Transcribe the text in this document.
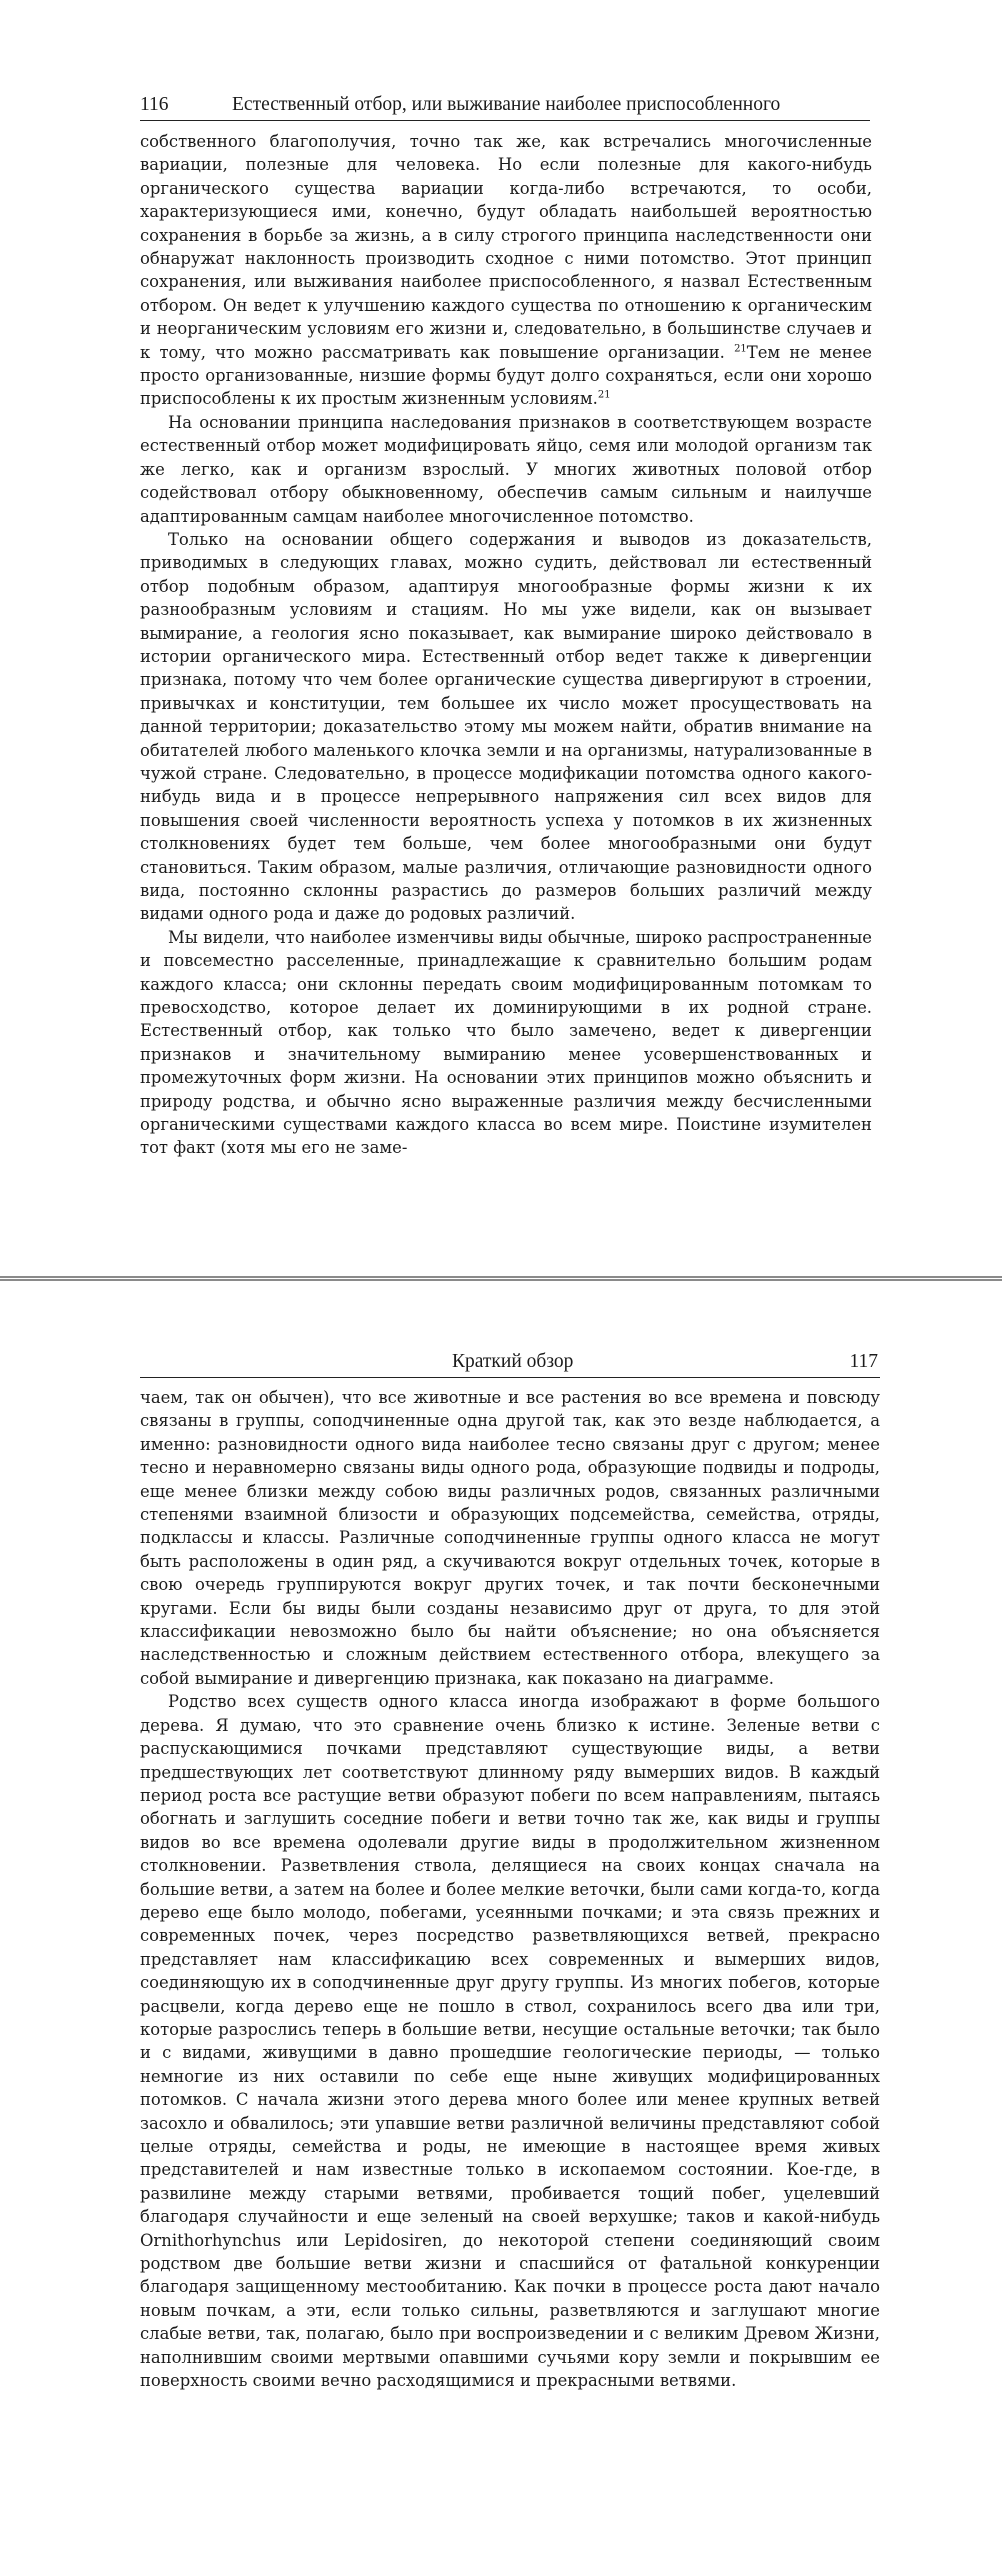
116	Естественный отбор, или выживание наиболее приспособленного

собственного благополучия, точно так же, как встречались многочисленные вариации, полезные для человека. Но если полезные для какого-нибудь органического существа вариации когда-либо встречаются, то особи, характеризующиеся ими, конечно, будут обладать наибольшей вероятностью сохранения в борьбе за жизнь, а в силу строгого принципа наследственности они обнаружат наклонность производить сходное с ними потомство. Этот принцип сохранения, или выживания наиболее приспособленного, я назвал Естественным отбором. Он ведет к улучшению каждого существа по отношению к органическим и неорганическим условиям его жизни и, следовательно, в большинстве случаев и к тому, что можно рассматривать как повышение организации. $^{21}$Тем не менее просто организованные, низшие формы будут долго сохраняться, если они хорошо приспособлены к их простым жизненным условиям.$^{21}$

На основании принципа наследования признаков в соответствующем возрасте естественный отбор может модифицировать яйцо, семя или молодой организм так же легко, как и организм взрослый. У многих животных половой отбор содействовал отбору обыкновенному, обеспечив самым сильным и наилучше адаптированным самцам наиболее многочисленное потомство.

Только на основании общего содержания и выводов из доказательств, приводимых в следующих главах, можно судить, действовал ли естественный отбор подобным образом, адаптируя многообразные формы жизни к их разнообразным условиям и стациям. Но мы уже видели, как он вызывает вымирание, а геология ясно показывает, как вымирание широко действовало в истории органического мира. Естественный отбор ведет также к дивергенции признака, потому что чем более органические существа дивергируют в строении, привычках и конституции, тем большее их число может просуществовать на данной территории; доказательство этому мы можем найти, обратив внимание на обитателей любого маленького клочка земли и на организмы, натурализованные в чужой стране. Следовательно, в процессе модификации потомства одного какого-нибудь вида и в процессе непрерывного напряжения сил всех видов для повышения своей численности вероятность успеха у потомков в их жизненных столкновениях будет тем больше, чем более многообразными они будут становиться. Таким образом, малые различия, отличающие разновидности одного вида, постоянно склонны разрастись до размеров больших различий между видами одного рода и даже до родовых различий.

Мы видели, что наиболее изменчивы виды обычные, широко распространенные и повсеместно расселенные, принадлежащие к сравнительно большим родам каждого класса; они склонны передать своим модифицированным потомкам то превосходство, которое делает их доминирующими в их родной стране. Естественный отбор, как только что было замечено, ведет к дивергенции признаков и значительному вымиранию менее усовершенствованных и промежуточных форм жизни. На основании этих принципов можно объяснить и природу родства, и обычно ясно выраженные различия между бесчисленными органическими существами каждого класса во всем мире. Поистине изумителен тот факт (хотя мы его не заме-

Краткий обзор	117

чаем, так он обычен), что все животные и все растения во все времена и повсюду связаны в группы, соподчиненные одна другой так, как это везде наблюдается, а именно: разновидности одного вида наиболее тесно связаны друг с другом; менее тесно и неравномерно связаны виды одного рода, образующие подвиды и подроды, еще менее близки между собою виды различных родов, связанных различными степенями взаимной близости и образующих подсемейства, семейства, отряды, подклассы и классы. Различные соподчиненные группы одного класса не могут быть расположены в один ряд, а скучиваются вокруг отдельных точек, которые в свою очередь группируются вокруг других точек, и так почти бесконечными кругами. Если бы виды были созданы независимо друг от друга, то для этой классификации невозможно было бы найти объяснение; но она объясняется наследственностью и сложным действием естественного отбора, влекущего за собой вымирание и дивергенцию признака, как показано на диаграмме.

Родство всех существ одного класса иногда изображают в форме большого дерева. Я думаю, что это сравнение очень близко к истине. Зеленые ветви с распускающимися почками представляют существующие виды, а ветви предшествующих лет соответствуют длинному ряду вымерших видов. В каждый период роста все растущие ветви образуют побеги по всем направлениям, пытаясь обогнать и заглушить соседние побеги и ветви точно так же, как виды и группы видов во все времена одолевали другие виды в продолжительном жизненном столкновении. Разветвления ствола, делящиеся на своих концах сначала на большие ветви, а затем на более и более мелкие веточки, были сами когда-то, когда дерево еще было молодо, побегами, усеянными почками; и эта связь прежних и современных почек, через посредство разветвляющихся ветвей, прекрасно представляет нам классификацию всех современных и вымерших видов, соединяющую их в соподчиненные друг другу группы. Из многих побегов, которые расцвели, когда дерево еще не пошло в ствол, сохранилось всего два или три, которые разрослись теперь в большие ветви, несущие остальные веточки; так было и с видами, живущими в давно прошедшие геологические периоды, — только немногие из них оставили по себе еще ныне живущих модифицированных потомков. С начала жизни этого дерева много более или менее крупных ветвей засохло и обвалилось; эти упавшие ветви различной величины представляют собой целые отряды, семейства и роды, не имеющие в настоящее время живых представителей и нам известные только в ископаемом состоянии. Кое-где, в развилине между старыми ветвями, пробивается тощий побег, уцелевший благодаря случайности и еще зеленый на своей верхушке; таков и какой-нибудь Ornithorhynchus или Lepidosiren, до некоторой степени соединяющий своим родством две большие ветви жизни и спасшийся от фатальной конкуренции благодаря защищенному местообитанию. Как почки в процессе роста дают начало новым почкам, а эти, если только сильны, разветвляются и заглушают многие слабые ветви, так, полагаю, было при воспроизведении и с великим Древом Жизни, наполнившим своими мертвыми опавшими сучьями кору земли и покрывшим ее поверхность своими вечно расходящимися и прекрасными ветвями.
